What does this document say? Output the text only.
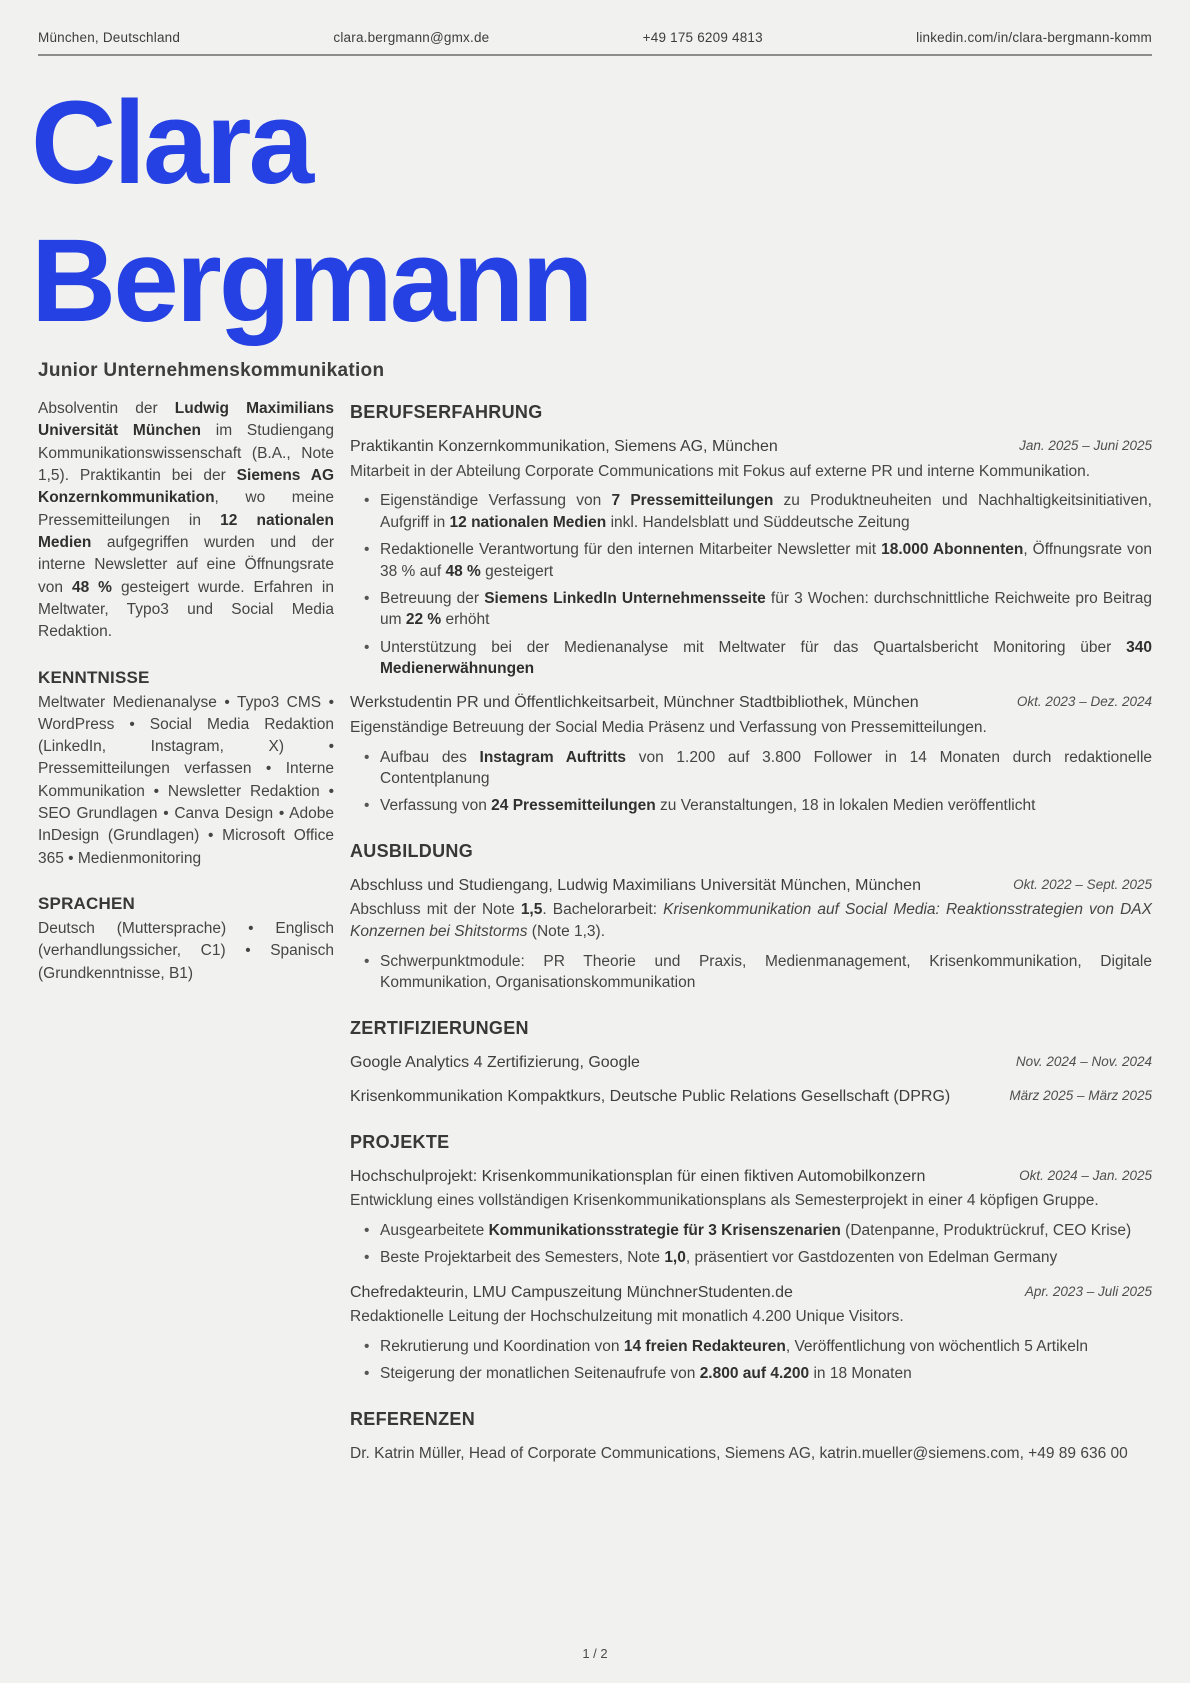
München, Deutschland	clara.bergmann@gmx.de	+49 175 6209 4813	linkedin.com/in/clara-bergmann-komm
Clara
Bergmann
Junior Unternehmenskommunikation
Absolventin der Ludwig Maximilians Universität München im Studiengang Kommunikationswissenschaft (B.A., Note 1,5). Praktikantin bei der Siemens AG Konzernkommunikation, wo meine Pressemitteilungen in 12 nationalen Medien aufgegriffen wurden und der interne Newsletter auf eine Öffnungsrate von 48 % gesteigert wurde. Erfahren in Meltwater, Typo3 und Social Media Redaktion.
KENNTNISSE
Meltwater Medienanalyse • Typo3 CMS • WordPress • Social Media Redaktion (LinkedIn, Instagram, X) • Pressemitteilungen verfassen • Interne Kommunikation • Newsletter Redaktion • SEO Grundlagen • Canva Design • Adobe InDesign (Grundlagen) • Microsoft Office 365 • Medienmonitoring
SPRACHEN
Deutsch (Muttersprache) • Englisch (verhandlungssicher, C1) • Spanisch (Grundkenntnisse, B1)
BERUFSERFAHRUNG
Praktikantin Konzernkommunikation, Siemens AG, München	Jan. 2025 – Juni 2025
Mitarbeit in der Abteilung Corporate Communications mit Fokus auf externe PR und interne Kommunikation.
• Eigenständige Verfassung von 7 Pressemitteilungen zu Produktneuheiten und Nachhaltigkeitsinitiativen, Aufgriff in 12 nationalen Medien inkl. Handelsblatt und Süddeutsche Zeitung
• Redaktionelle Verantwortung für den internen Mitarbeiter Newsletter mit 18.000 Abonnenten, Öffnungsrate von 38 % auf 48 % gesteigert
• Betreuung der Siemens LinkedIn Unternehmensseite für 3 Wochen: durchschnittliche Reichweite pro Beitrag um 22 % erhöht
• Unterstützung bei der Medienanalyse mit Meltwater für das Quartalsbericht Monitoring über 340 Medienerwähnungen
Werkstudentin PR und Öffentlichkeitsarbeit, Münchner Stadtbibliothek, München	Okt. 2023 – Dez. 2024
Eigenständige Betreuung der Social Media Präsenz und Verfassung von Pressemitteilungen.
• Aufbau des Instagram Auftritts von 1.200 auf 3.800 Follower in 14 Monaten durch redaktionelle Contentplanung
• Verfassung von 24 Pressemitteilungen zu Veranstaltungen, 18 in lokalen Medien veröffentlicht
AUSBILDUNG
Abschluss und Studiengang, Ludwig Maximilians Universität München, München	Okt. 2022 – Sept. 2025
Abschluss mit der Note 1,5. Bachelorarbeit: Krisenkommunikation auf Social Media: Reaktionsstrategien von DAX Konzernen bei Shitstorms (Note 1,3).
• Schwerpunktmodule: PR Theorie und Praxis, Medienmanagement, Krisenkommunikation, Digitale Kommunikation, Organisationskommunikation
ZERTIFIZIERUNGEN
Google Analytics 4 Zertifizierung, Google	Nov. 2024 – Nov. 2024
Krisenkommunikation Kompaktkurs, Deutsche Public Relations Gesellschaft (DPRG)	März 2025 – März 2025
PROJEKTE
Hochschulprojekt: Krisenkommunikationsplan für einen fiktiven Automobilkonzern	Okt. 2024 – Jan. 2025
Entwicklung eines vollständigen Krisenkommunikationsplans als Semesterprojekt in einer 4 köpfigen Gruppe.
• Ausgearbeitete Kommunikationsstrategie für 3 Krisenszenarien (Datenpanne, Produktrückruf, CEO Krise)
• Beste Projektarbeit des Semesters, Note 1,0, präsentiert vor Gastdozenten von Edelman Germany
Chefredakteurin, LMU Campuszeitung MünchnerStudenten.de	Apr. 2023 – Juli 2025
Redaktionelle Leitung der Hochschulzeitung mit monatlich 4.200 Unique Visitors.
• Rekrutierung und Koordination von 14 freien Redakteuren, Veröffentlichung von wöchentlich 5 Artikeln
• Steigerung der monatlichen Seitenaufrufe von 2.800 auf 4.200 in 18 Monaten
REFERENZEN
Dr. Katrin Müller, Head of Corporate Communications, Siemens AG, katrin.mueller@siemens.com, +49 89 636 00
1 / 2
